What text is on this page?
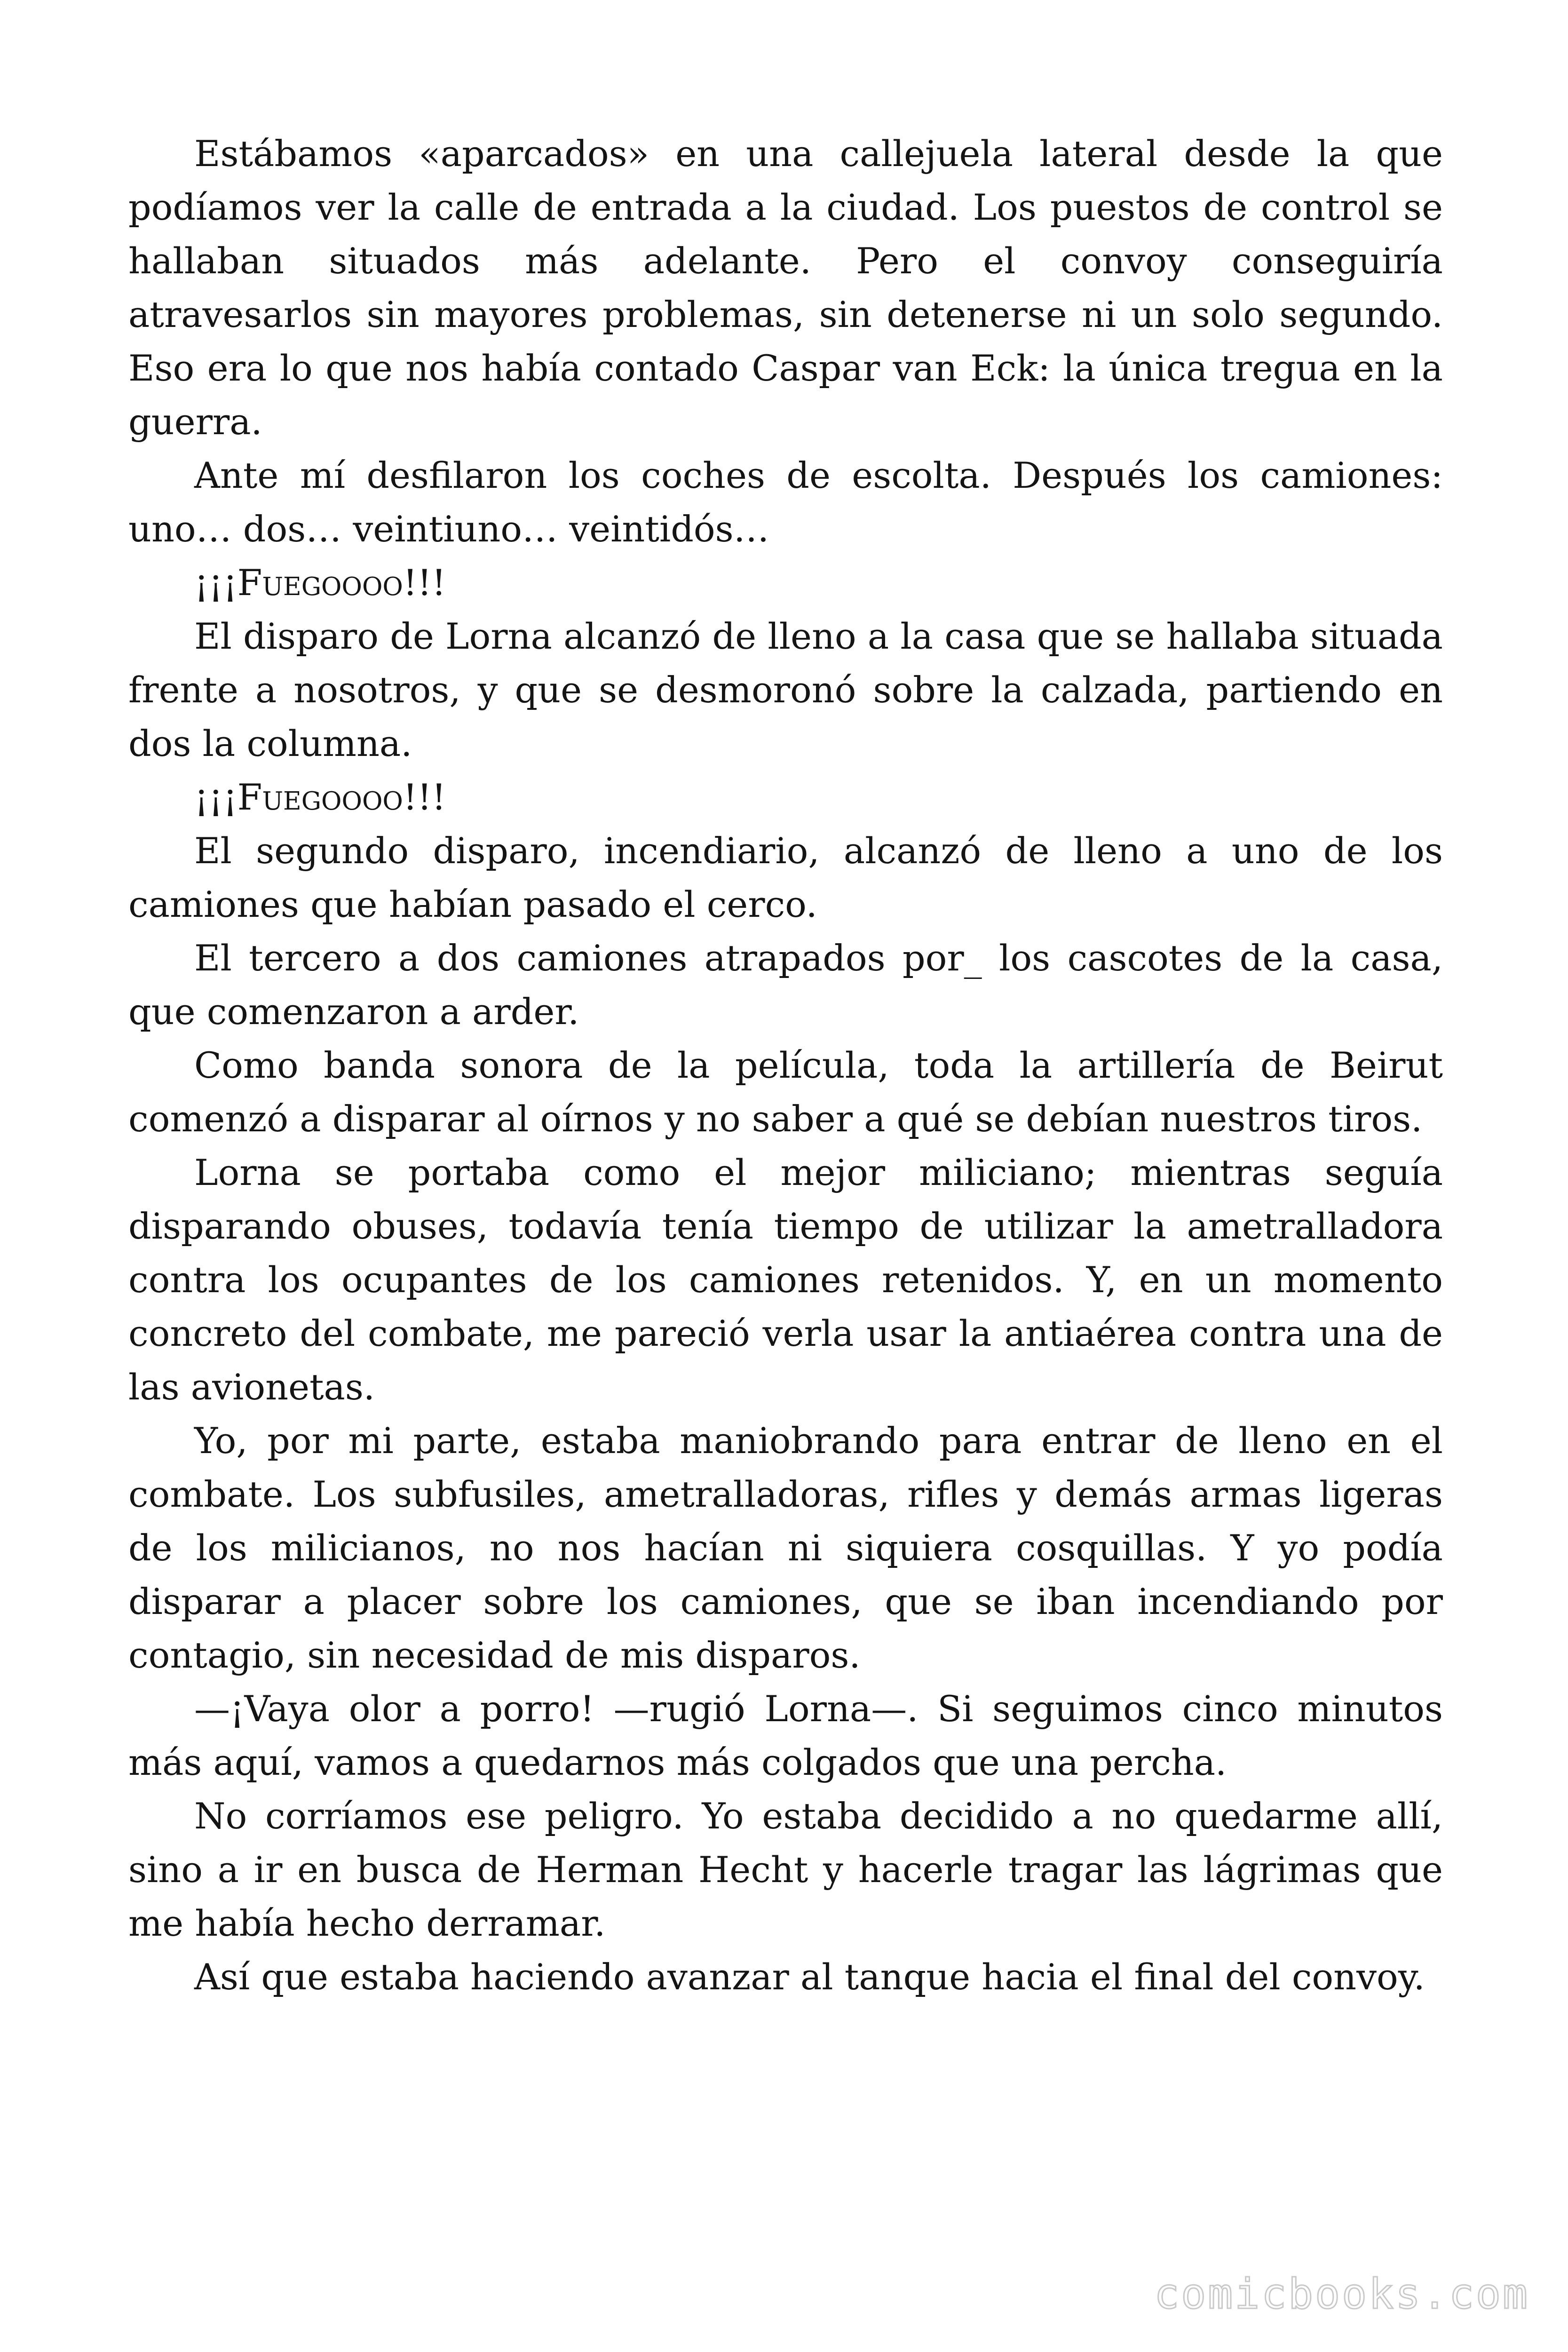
Estábamos «aparcados» en una callejuela lateral desde la que podíamos ver la calle de entrada a la ciudad. Los puestos de control se hallaban situados más adelante. Pero el convoy conseguiría atravesarlos sin mayores problemas, sin detenerse ni un solo segundo. Eso era lo que nos había contado Caspar van Eck: la única tregua en la guerra.

Ante mí desfilaron los coches de escolta. Después los camiones: uno… dos… veintiuno… veintidós…

¡¡¡Fuegoooo!!!

El disparo de Lorna alcanzó de lleno a la casa que se hallaba situada frente a nosotros, y que se desmoronó sobre la calzada, partiendo en dos la columna.

¡¡¡Fuegoooo!!!

El segundo disparo, incendiario, alcanzó de lleno a uno de los camiones que habían pasado el cerco.

El tercero a dos camiones atrapados por_ los cascotes de la casa, que comenzaron a arder.

Como banda sonora de la película, toda la artillería de Beirut comenzó a disparar al oírnos y no saber a qué se debían nuestros tiros.

Lorna se portaba como el mejor miliciano; mientras seguía disparando obuses, todavía tenía tiempo de utilizar la ametralladora contra los ocupantes de los camiones retenidos. Y, en un momento concreto del combate, me pareció verla usar la antiaérea contra una de las avionetas.

Yo, por mi parte, estaba maniobrando para entrar de lleno en el combate. Los subfusiles, ametralladoras, rifles y demás armas ligeras de los milicianos, no nos hacían ni siquiera cosquillas. Y yo podía disparar a placer sobre los camiones, que se iban incendiando por contagio, sin necesidad de mis disparos.

—¡Vaya olor a porro! —rugió Lorna—. Si seguimos cinco minutos más aquí, vamos a quedarnos más colgados que una percha.

No corríamos ese peligro. Yo estaba decidido a no quedarme allí, sino a ir en busca de Herman Hecht y hacerle tragar las lágrimas que me había hecho derramar.

Así que estaba haciendo avanzar al tanque hacia el final del convoy.

comicbooks.com
